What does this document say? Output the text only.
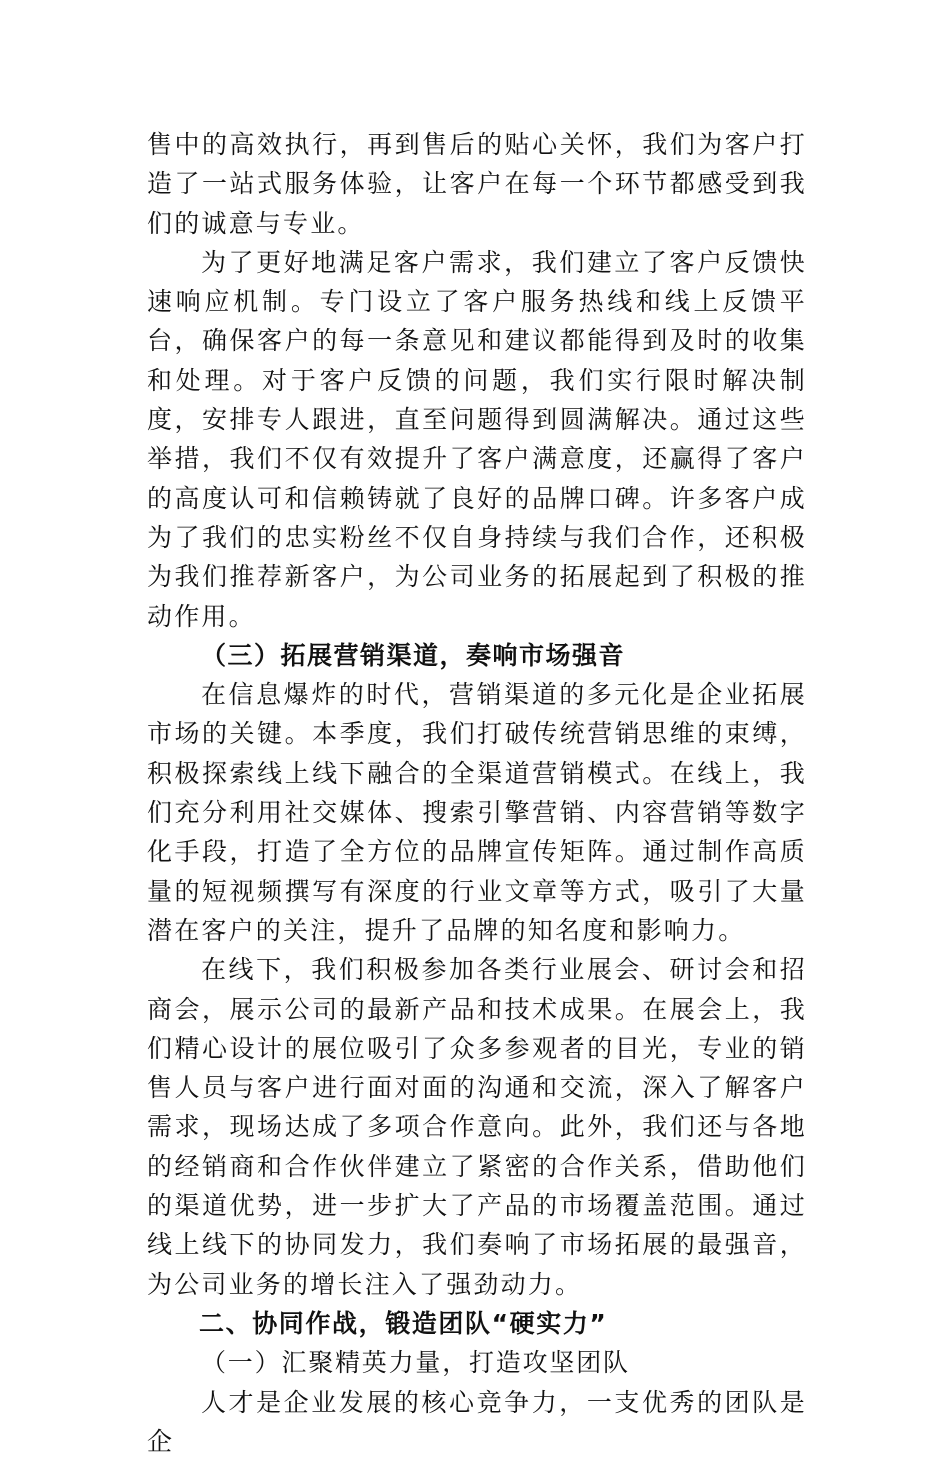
售中的高效执行，再到售后的贴心关怀，我们为客户打造了一站式服务体验，让客户在每一个环节都感受到我们的诚意与专业。

为了更好地满足客户需求，我们建立了客户反馈快速响应机制。专门设立了客户服务热线和线上反馈平台，确保客户的每一条意见和建议都能得到及时的收集和处理。对于客户反馈的问题，我们实行限时解决制度，安排专人跟进，直至问题得到圆满解决。通过这些举措，我们不仅有效提升了客户满意度，还赢得了客户的高度认可和信赖铸就了良好的品牌口碑。许多客户成为了我们的忠实粉丝不仅自身持续与我们合作，还积极为我们推荐新客户，为公司业务的拓展起到了积极的推动作用。

（三）拓展营销渠道，奏响市场强音

在信息爆炸的时代，营销渠道的多元化是企业拓展市场的关键。本季度，我们打破传统营销思维的束缚，积极探索线上线下融合的全渠道营销模式。在线上，我们充分利用社交媒体、搜索引擎营销、内容营销等数字化手段，打造了全方位的品牌宣传矩阵。通过制作高质量的短视频撰写有深度的行业文章等方式，吸引了大量潜在客户的关注，提升了品牌的知名度和影响力。

在线下，我们积极参加各类行业展会、研讨会和招商会，展示公司的最新产品和技术成果。在展会上，我们精心设计的展位吸引了众多参观者的目光，专业的销售人员与客户进行面对面的沟通和交流，深入了解客户需求，现场达成了多项合作意向。此外，我们还与各地的经销商和合作伙伴建立了紧密的合作关系，借助他们的渠道优势，进一步扩大了产品的市场覆盖范围。通过线上线下的协同发力，我们奏响了市场拓展的最强音，为公司业务的增长注入了强劲动力。

二、协同作战，锻造团队“硬实力”

（一）汇聚精英力量，打造攻坚团队

人才是企业发展的核心竞争力，一支优秀的团队是企
